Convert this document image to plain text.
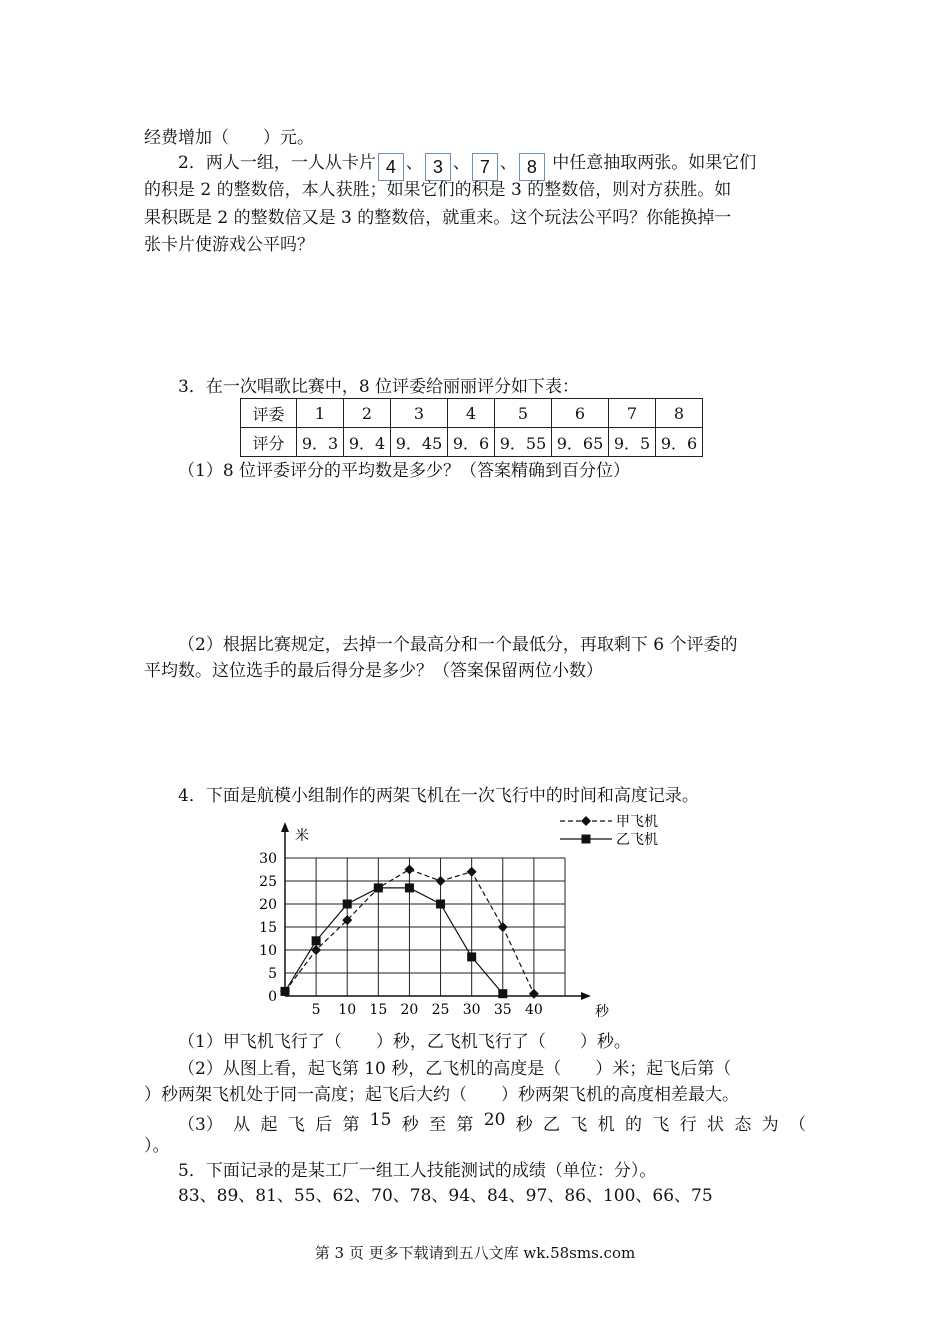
经费增加（　　）元。
2．两人一组，一人从卡片 4 、 3 、 7 、 8 中任意抽取两张。如果它们
的积是 2 的整数倍，本人获胜；如果它们的积是 3 的整数倍，则对方获胜。如
果积既是 2 的整数倍又是 3 的整数倍，就重来。这个玩法公平吗？你能换掉一
张卡片使游戏公平吗？
3．在一次唱歌比赛中，8 位评委给丽丽评分如下表：
评委	1	2	3	4	5	6	7	8
评分	9．3	9．4	9．45	9．6	9．55	9．65	9．5	9．6
（1）8 位评委评分的平均数是多少？（答案精确到百分位）
（2）根据比赛规定，去掉一个最高分和一个最低分，再取剩下 6 个评委的
平均数。这位选手的最后得分是多少？（答案保留两位小数）
4．下面是航模小组制作的两架飞机在一次飞行中的时间和高度记录。
5 10 15 20 25 30 35 40
0
5
10
15
20
25
30
米
秒
甲飞机
乙飞机
（1）甲飞机飞行了（　　）秒，乙飞机飞行了（　　）秒。
（2）从图上看，起飞第 10 秒，乙飞机的高度是（　　）米；起飞后第（
）秒两架飞机处于同一高度；起飞后大约（　　）秒两架飞机的高度相差最大。
（3） 从 起 飞 后 第 15 秒 至 第 20 秒 乙 飞 机 的 飞 行 状 态 为 （
）。
5．下面记录的是某工厂一组工人技能测试的成绩（单位：分）。
83、89、81、55、62、70、78、94、84、97、86、100、66、75
第 3 页 更多下载请到五八文库 wk.58sms.com
